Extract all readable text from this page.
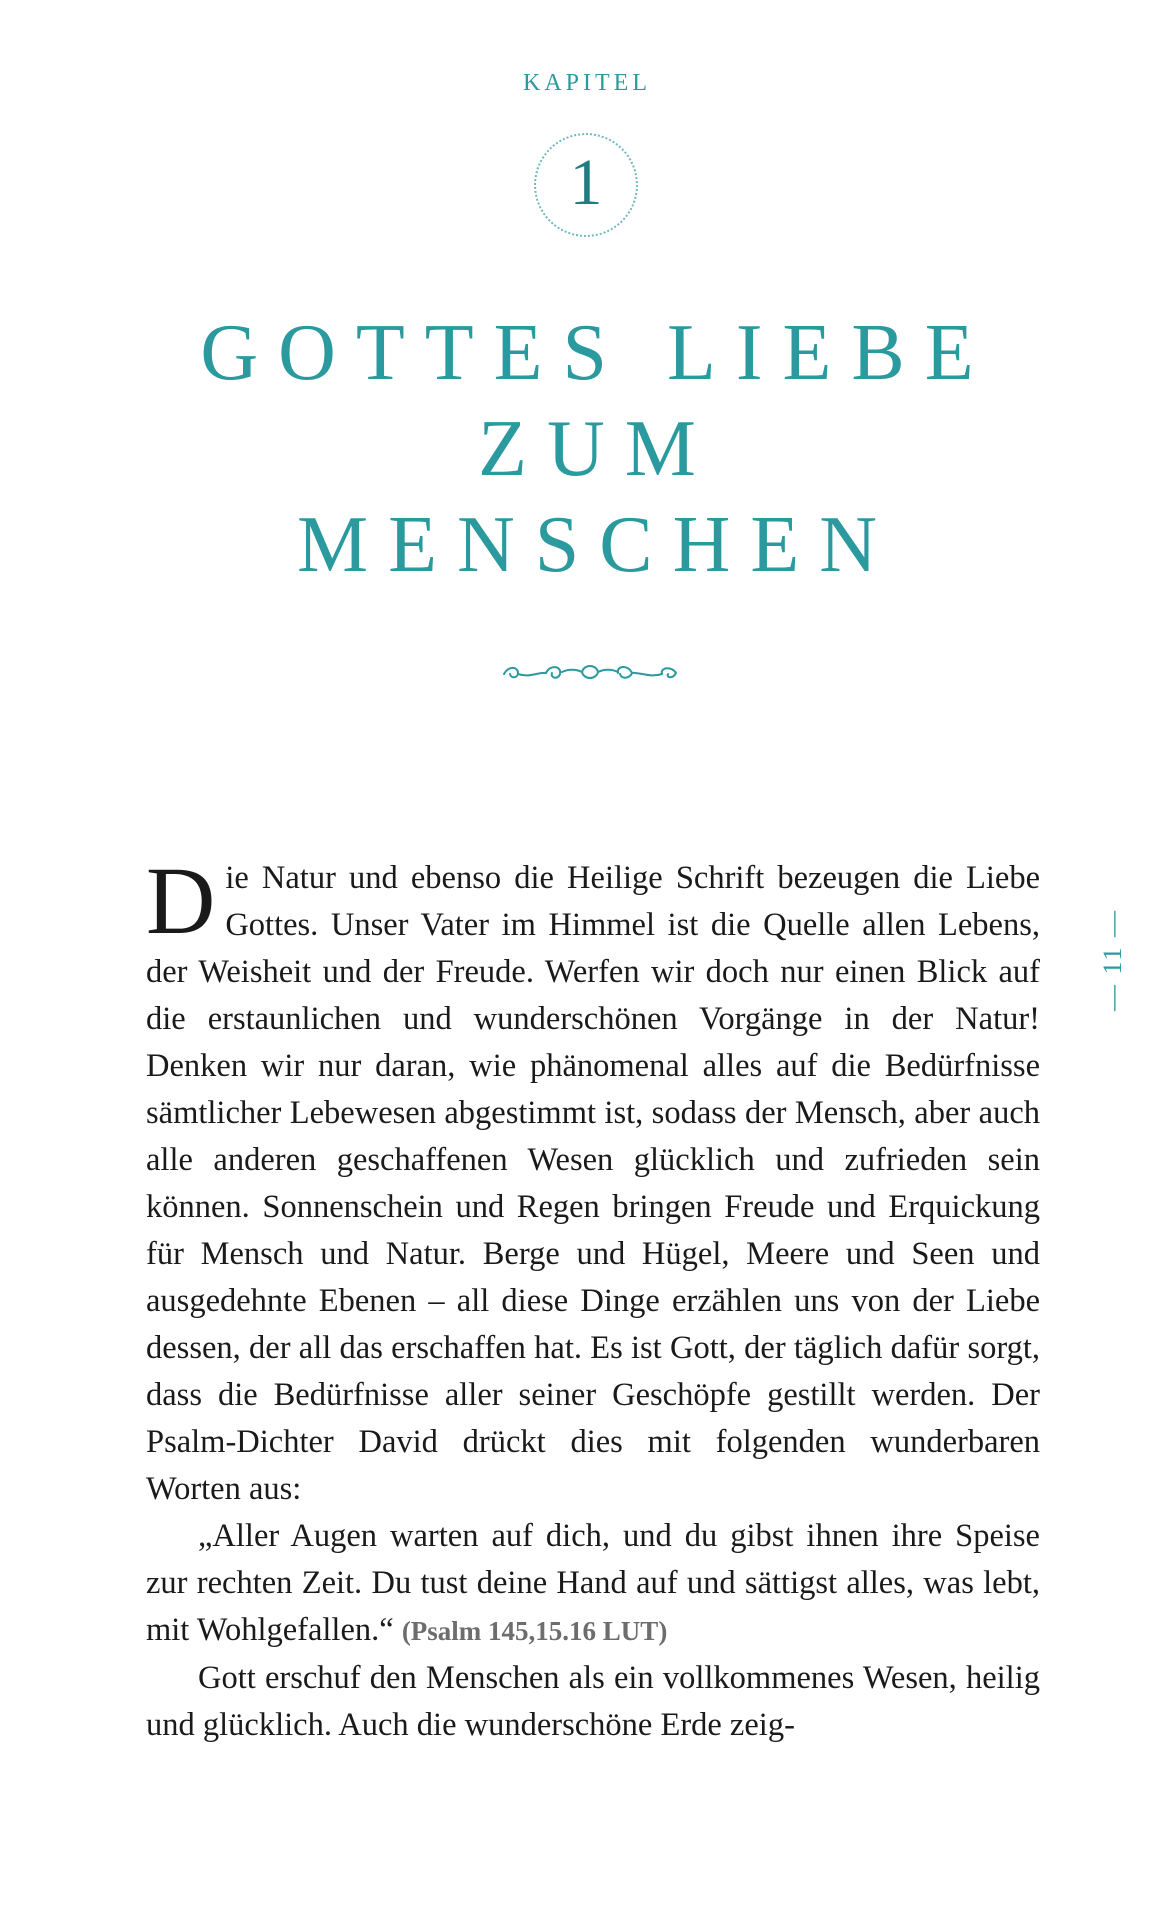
KAPITEL
1
GOTTES LIEBE
ZUM
MENSCHEN
— 11 —

Die Natur und ebenso die Heilige Schrift bezeugen die Liebe Gottes. Unser Vater im Himmel ist die Quelle allen Lebens, der Weisheit und der Freude. Werfen wir doch nur einen Blick auf die erstaunlichen und wunderschönen Vorgänge in der Natur! Denken wir nur daran, wie phänomenal alles auf die Bedürfnisse sämtlicher Lebewesen abgestimmt ist, sodass der Mensch, aber auch alle anderen geschaffenen Wesen glücklich und zufrieden sein können. Sonnenschein und Regen bringen Freude und Erquickung für Mensch und Natur. Berge und Hügel, Meere und Seen und ausgedehnte Ebenen – all diese Dinge erzählen uns von der Liebe dessen, der all das erschaffen hat. Es ist Gott, der täglich dafür sorgt, dass die Bedürfnisse aller seiner Geschöpfe gestillt werden. Der Psalm-Dichter David drückt dies mit folgenden wunderbaren Worten aus:

„Aller Augen warten auf dich, und du gibst ihnen ihre Speise zur rechten Zeit. Du tust deine Hand auf und sättigst alles, was lebt, mit Wohlgefallen.“ (Psalm 145,15.16 LUT)

Gott erschuf den Menschen als ein vollkommenes Wesen, heilig und glücklich. Auch die wunderschöne Erde zeig-
